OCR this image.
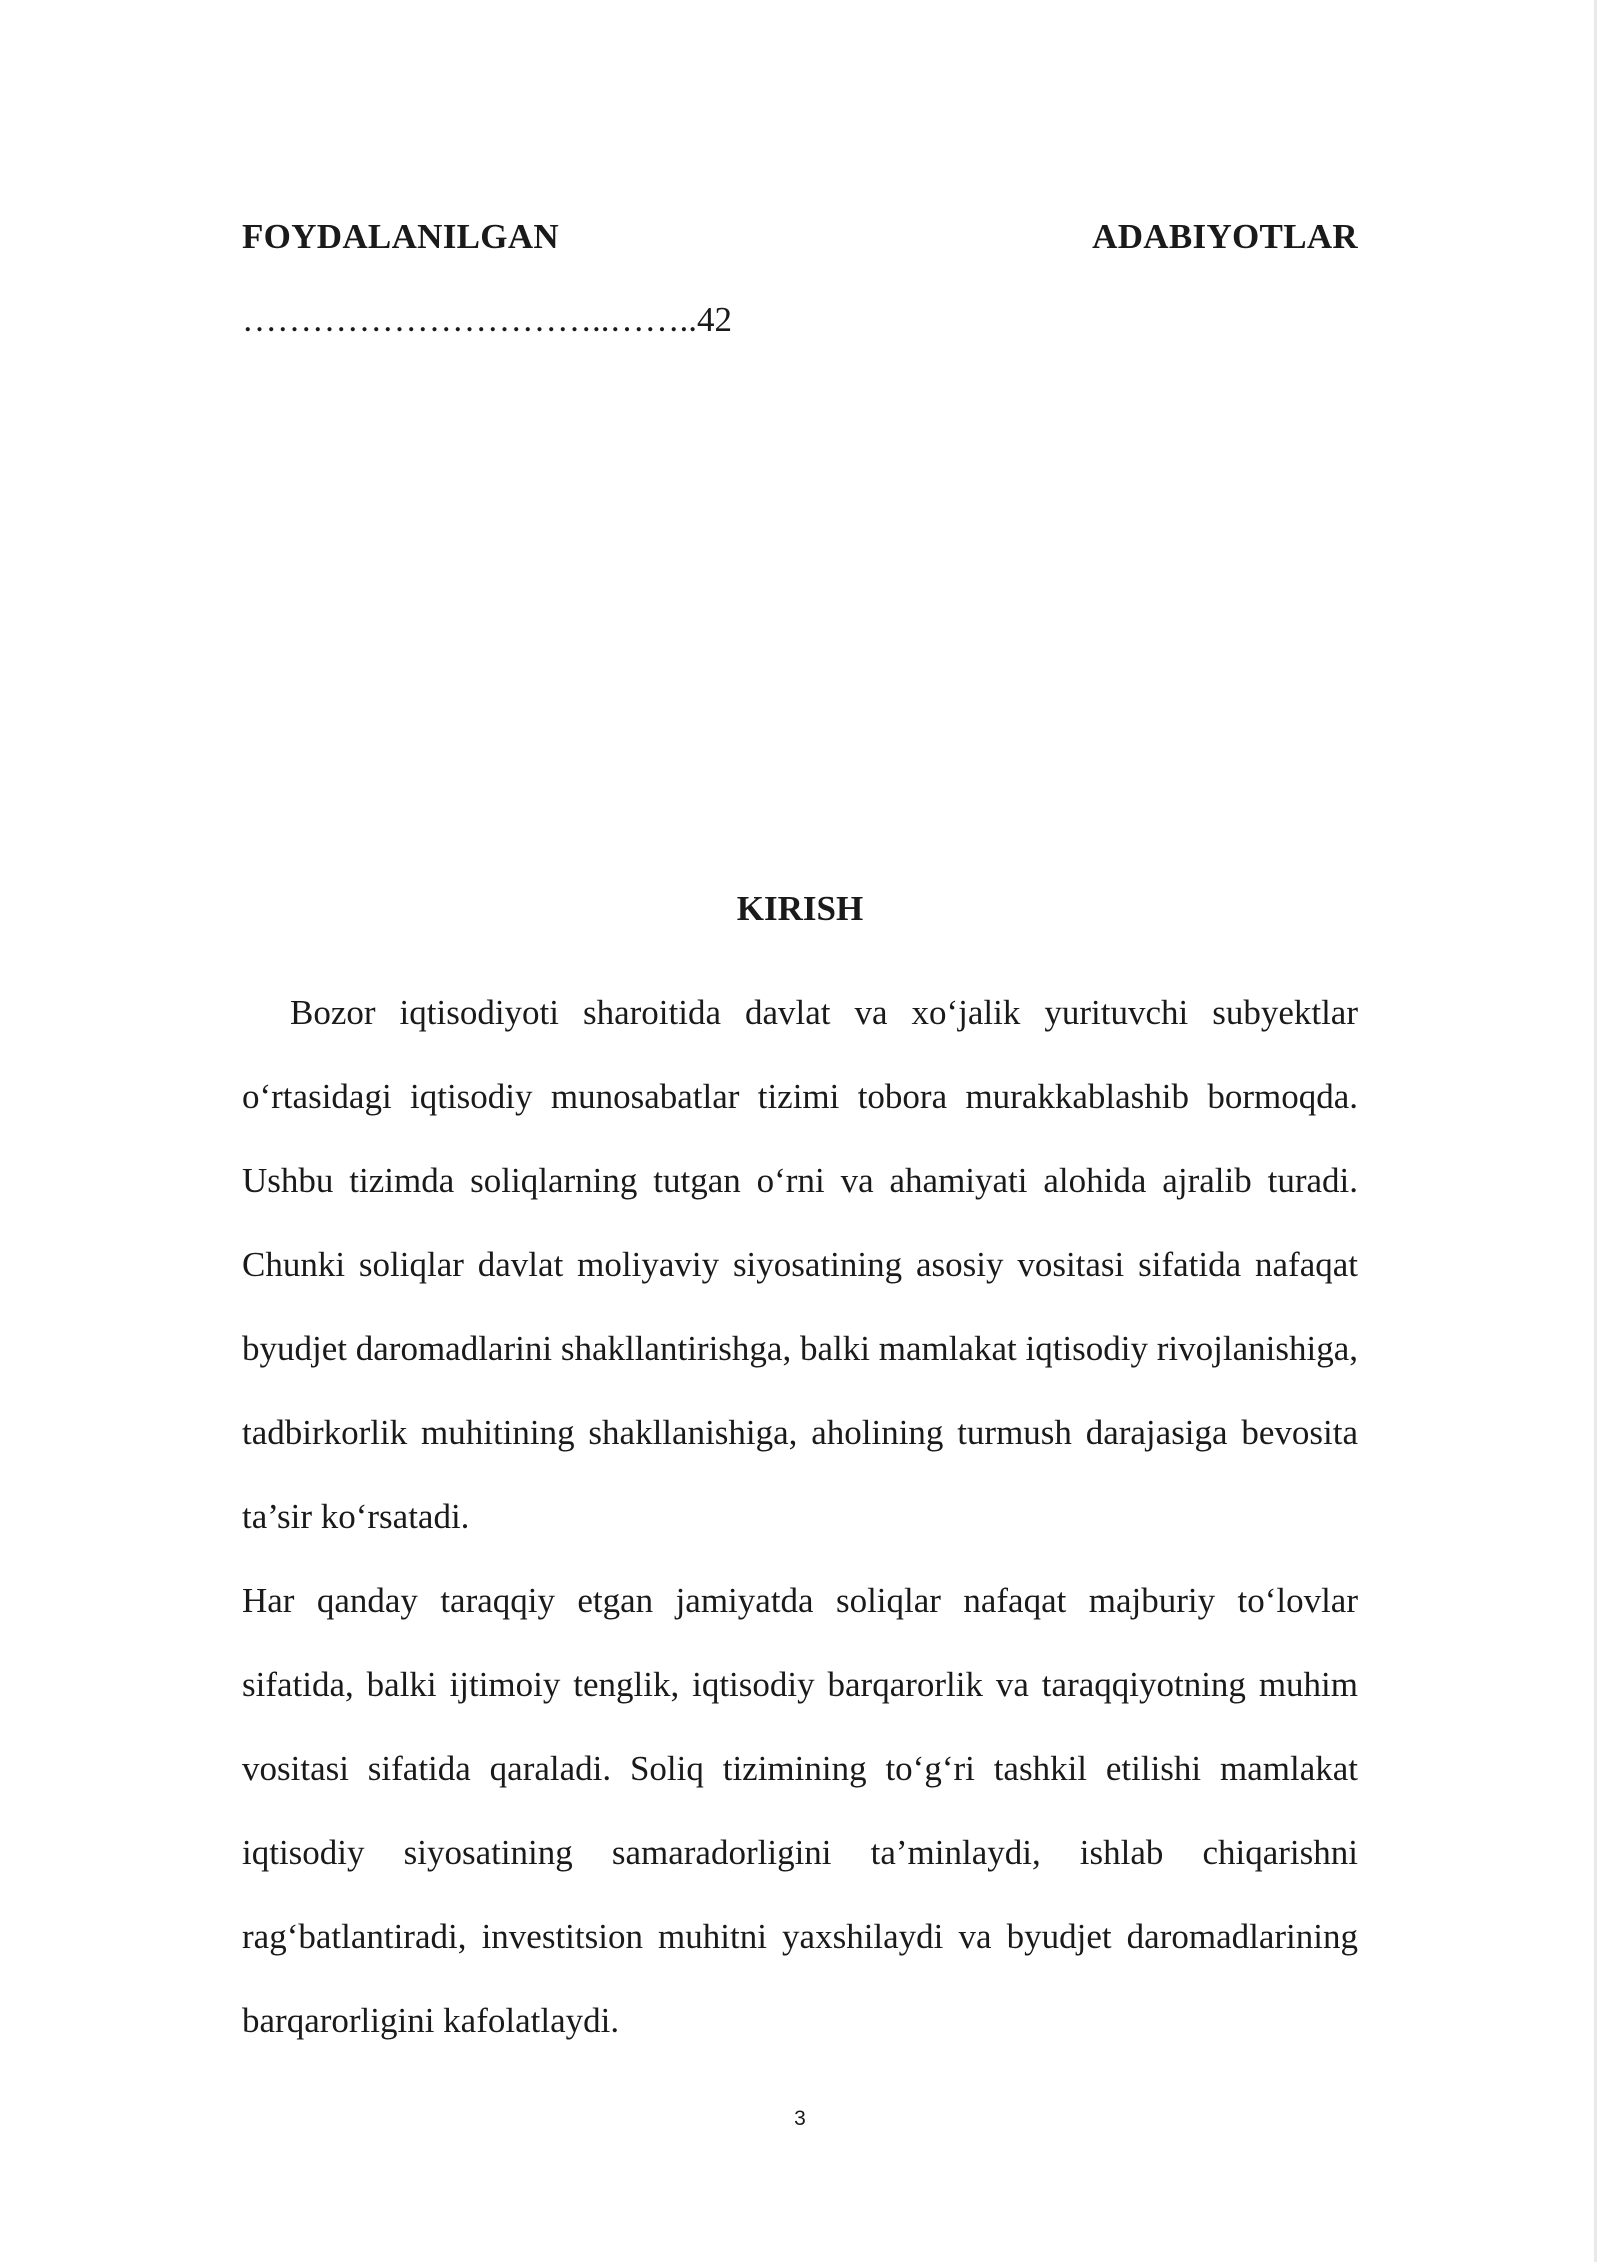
FOYDALANILGAN	ADABIYOTLAR
…………………………..……..42
KIRISH

Bozor iqtisodiyoti sharoitida davlat va xo‘jalik yurituvchi subyektlar o‘rtasidagi iqtisodiy munosabatlar tizimi tobora murakkablashib bormoqda. Ushbu tizimda soliqlarning tutgan o‘rni va ahamiyati alohida ajralib turadi. Chunki soliqlar davlat moliyaviy siyosatining asosiy vositasi sifatida nafaqat byudjet daromadlarini shakllantirishga, balki mamlakat iqtisodiy rivojlanishiga, tadbirkorlik muhitining shakllanishiga, aholining turmush darajasiga bevosita ta’sir ko‘rsatadi.

Har qanday taraqqiy etgan jamiyatda soliqlar nafaqat majburiy to‘lovlar sifatida, balki ijtimoiy tenglik, iqtisodiy barqarorlik va taraqqiyotning muhim vositasi sifatida qaraladi. Soliq tizimining to‘g‘ri tashkil etilishi mamlakat iqtisodiy siyosatining samaradorligini ta’minlaydi, ishlab chiqarishni rag‘batlantiradi, investitsion muhitni yaxshilaydi va byudjet daromadlarining barqarorligini kafolatlaydi.

3
